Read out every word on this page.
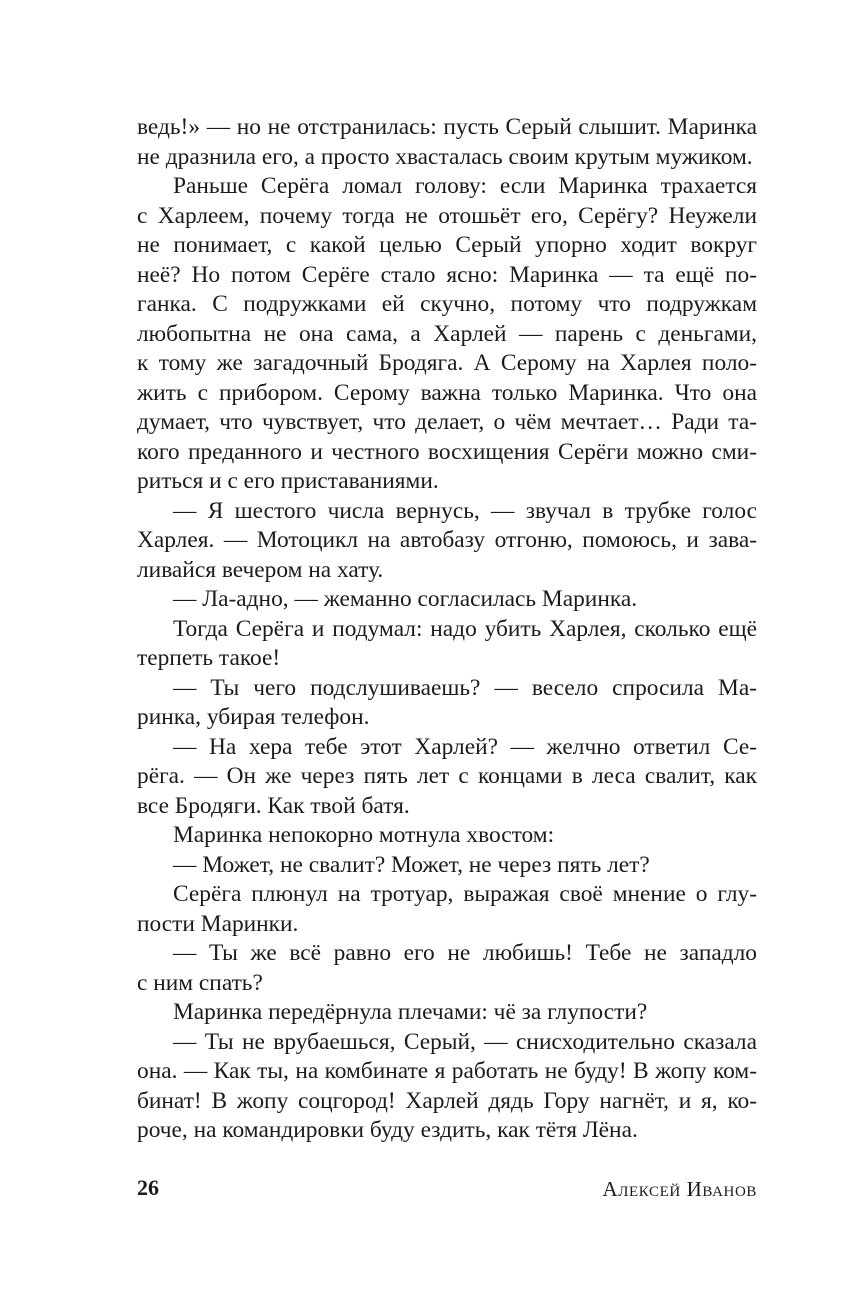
ведь!» — но не отстранилась: пусть Серый слышит. Маринка
не дразнила его, а просто хвасталась своим крутым мужиком.

Раньше Серёга ломал голову: если Маринка трахается
с Харлеем, почему тогда не отошьёт его, Серёгу? Неужели
не понимает, с какой целью Серый упорно ходит вокруг
неё? Но потом Серёге стало ясно: Маринка — та ещё по-
ганка. С подружками ей скучно, потому что подружкам
любопытна не она сама, а Харлей — парень с деньгами,
к тому же загадочный Бродяга. А Серому на Харлея поло-
жить с прибором. Серому важна только Маринка. Что она
думает, что чувствует, что делает, о чём мечтает… Ради та-
кого преданного и честного восхищения Серёги можно сми-
риться и с его приставаниями.

— Я шестого числа вернусь, — звучал в трубке голос
Харлея. — Мотоцикл на автобазу отгоню, помоюсь, и зава-
ливайся вечером на хату.

— Ла-адно, — жеманно согласилась Маринка.

Тогда Серёга и подумал: надо убить Харлея, сколько ещё
терпеть такое!

— Ты чего подслушиваешь? — весело спросила Ма-
ринка, убирая телефон.

— На хера тебе этот Харлей? — желчно ответил Се-
рёга. — Он же через пять лет с концами в леса свалит, как
все Бродяги. Как твой батя.

Маринка непокорно мотнула хвостом:

— Может, не свалит? Может, не через пять лет?

Серёга плюнул на тротуар, выражая своё мнение о глу-
пости Маринки.

— Ты же всё равно его не любишь! Тебе не западло
с ним спать?

Маринка передёрнула плечами: чё за глупости?

— Ты не врубаешься, Серый, — снисходительно сказала
она. — Как ты, на комбинате я работать не буду! В жопу ком-
бинат! В жопу соцгород! Харлей дядь Гору нагнёт, и я, ко-
роче, на командировки буду ездить, как тётя Лёна.

26	Алексей Иванов
